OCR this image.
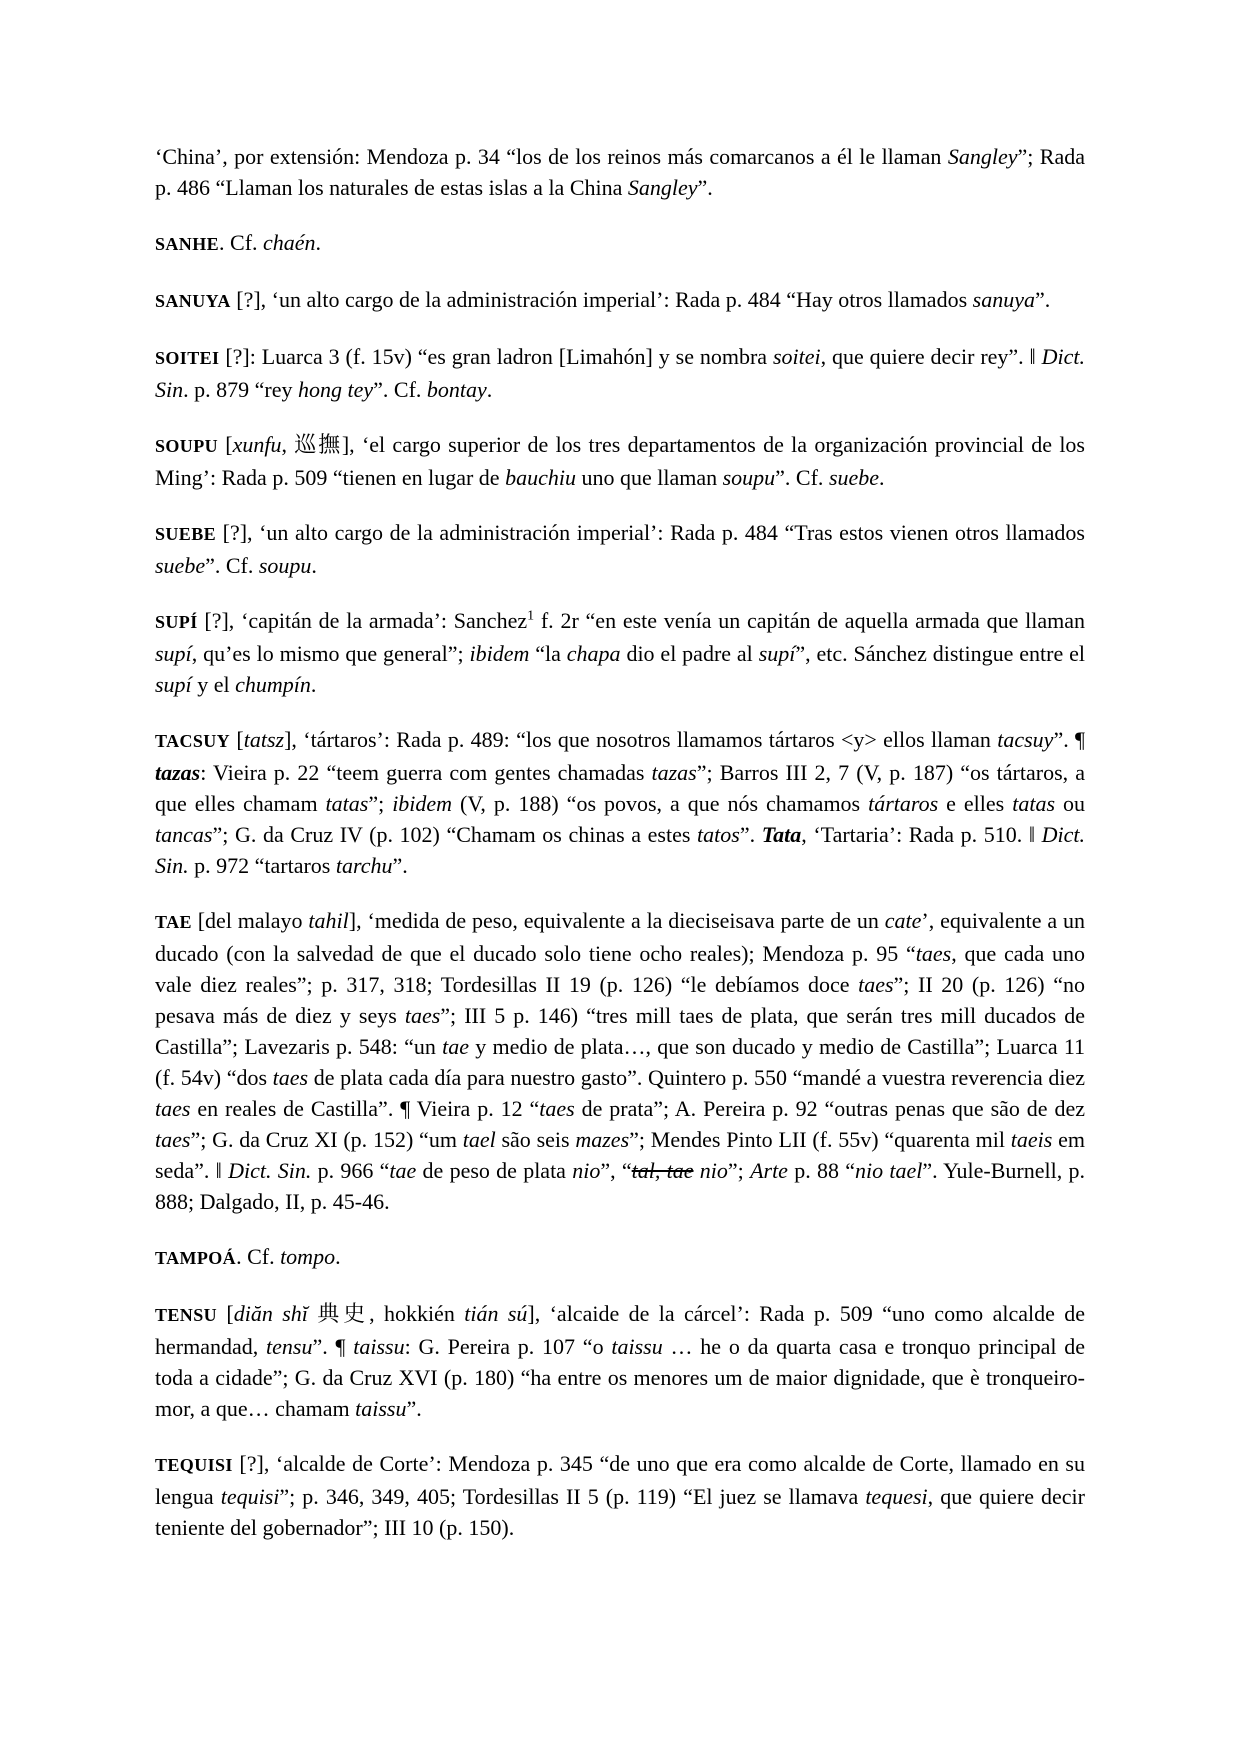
‘China’, por extensión: Mendoza p. 34 “los de los reinos más comarcanos a él le llaman Sangley”; Rada p. 486 “Llaman los naturales de estas islas a la China Sangley”.

SANHE. Cf. chaén.

SANUYA [?], ‘un alto cargo de la administración imperial’: Rada p. 484 “Hay otros llamados sanuya”.

SOITEI [?]: Luarca 3 (f. 15v) “es gran ladron [Limahón] y se nombra soitei, que quiere decir rey”. ‖ Dict. Sin. p. 879 “rey hong tey”. Cf. bontay.

SOUPU [xunfu, 巡撫], ‘el cargo superior de los tres departamentos de la organización provincial de los Ming’: Rada p. 509 “tienen en lugar de bauchiu uno que llaman soupu”. Cf. suebe.

SUEBE [?], ‘un alto cargo de la administración imperial’: Rada p. 484 “Tras estos vienen otros llamados suebe”. Cf. soupu.

SUPÍ [?], ‘capitán de la armada’: Sanchez$^1$ f. 2r “en este venía un capitán de aquella armada que llaman supí, qu’es lo mismo que general”; ibidem “la chapa dio el padre al supí”, etc. Sánchez distingue entre el supí y el chumpín.

TACSUY [tatsz], ‘tártaros’: Rada p. 489: “los que nosotros llamamos tártaros <y> ellos llaman tacsuy”. ¶ tazas: Vieira p. 22 “teem guerra com gentes chamadas tazas”; Barros III 2, 7 (V, p. 187) “os tártaros, a que elles chamam tatas”; ibidem (V, p. 188) “os povos, a que nós chamamos tártaros e elles tatas ou tancas”; G. da Cruz IV (p. 102) “Chamam os chinas a estes tatos”. Tata, ‘Tartaria’: Rada p. 510. ‖ Dict. Sin. p. 972 “tartaros tarchu”.

TAE [del malayo tahil], ‘medida de peso, equivalente a la dieciseisava parte de un cate’, equivalente a un ducado (con la salvedad de que el ducado solo tiene ocho reales); Mendoza p. 95 “taes, que cada uno vale diez reales”; p. 317, 318; Tordesillas II 19 (p. 126) “le debíamos doce taes”; II 20 (p. 126) “no pesava más de diez y seys taes”; III 5 p. 146) “tres mill taes de plata, que serán tres mill ducados de Castilla”; Lavezaris p. 548: “un tae y medio de plata…, que son ducado y medio de Castilla”; Luarca 11 (f. 54v) “dos taes de plata cada día para nuestro gasto”. Quintero p. 550 “mandé a vuestra reverencia diez taes en reales de Castilla”. ¶ Vieira p. 12 “taes de prata”; A. Pereira p. 92 “outras penas que são de dez taes”; G. da Cruz XI (p. 152) “um tael são seis mazes”; Mendes Pinto LII (f. 55v) “quarenta mil taeis em seda”. ‖ Dict. Sin. p. 966 “tae de peso de plata nio”, “tal, tae nio”; Arte p. 88 “nio tael”. Yule-Burnell, p. 888; Dalgado, II, p. 45-46.

TAMPOÁ. Cf. tompo.

TENSU [diăn shĭ 典史, hokkién tián sú], ‘alcaide de la cárcel’: Rada p. 509 “uno como alcalde de hermandad, tensu”. ¶ taissu: G. Pereira p. 107 “o taissu … he o da quarta casa e tronquo principal de toda a cidade”; G. da Cruz XVI (p. 180) “ha entre os menores um de maior dignidade, que è tronqueiro-mor, a que… chamam taissu”.

TEQUISI [?], ‘alcalde de Corte’: Mendoza p. 345 “de uno que era como alcalde de Corte, llamado en su lengua tequisi”; p. 346, 349, 405; Tordesillas II 5 (p. 119) “El juez se llamava tequesi, que quiere decir teniente del gobernador”; III 10 (p. 150).
